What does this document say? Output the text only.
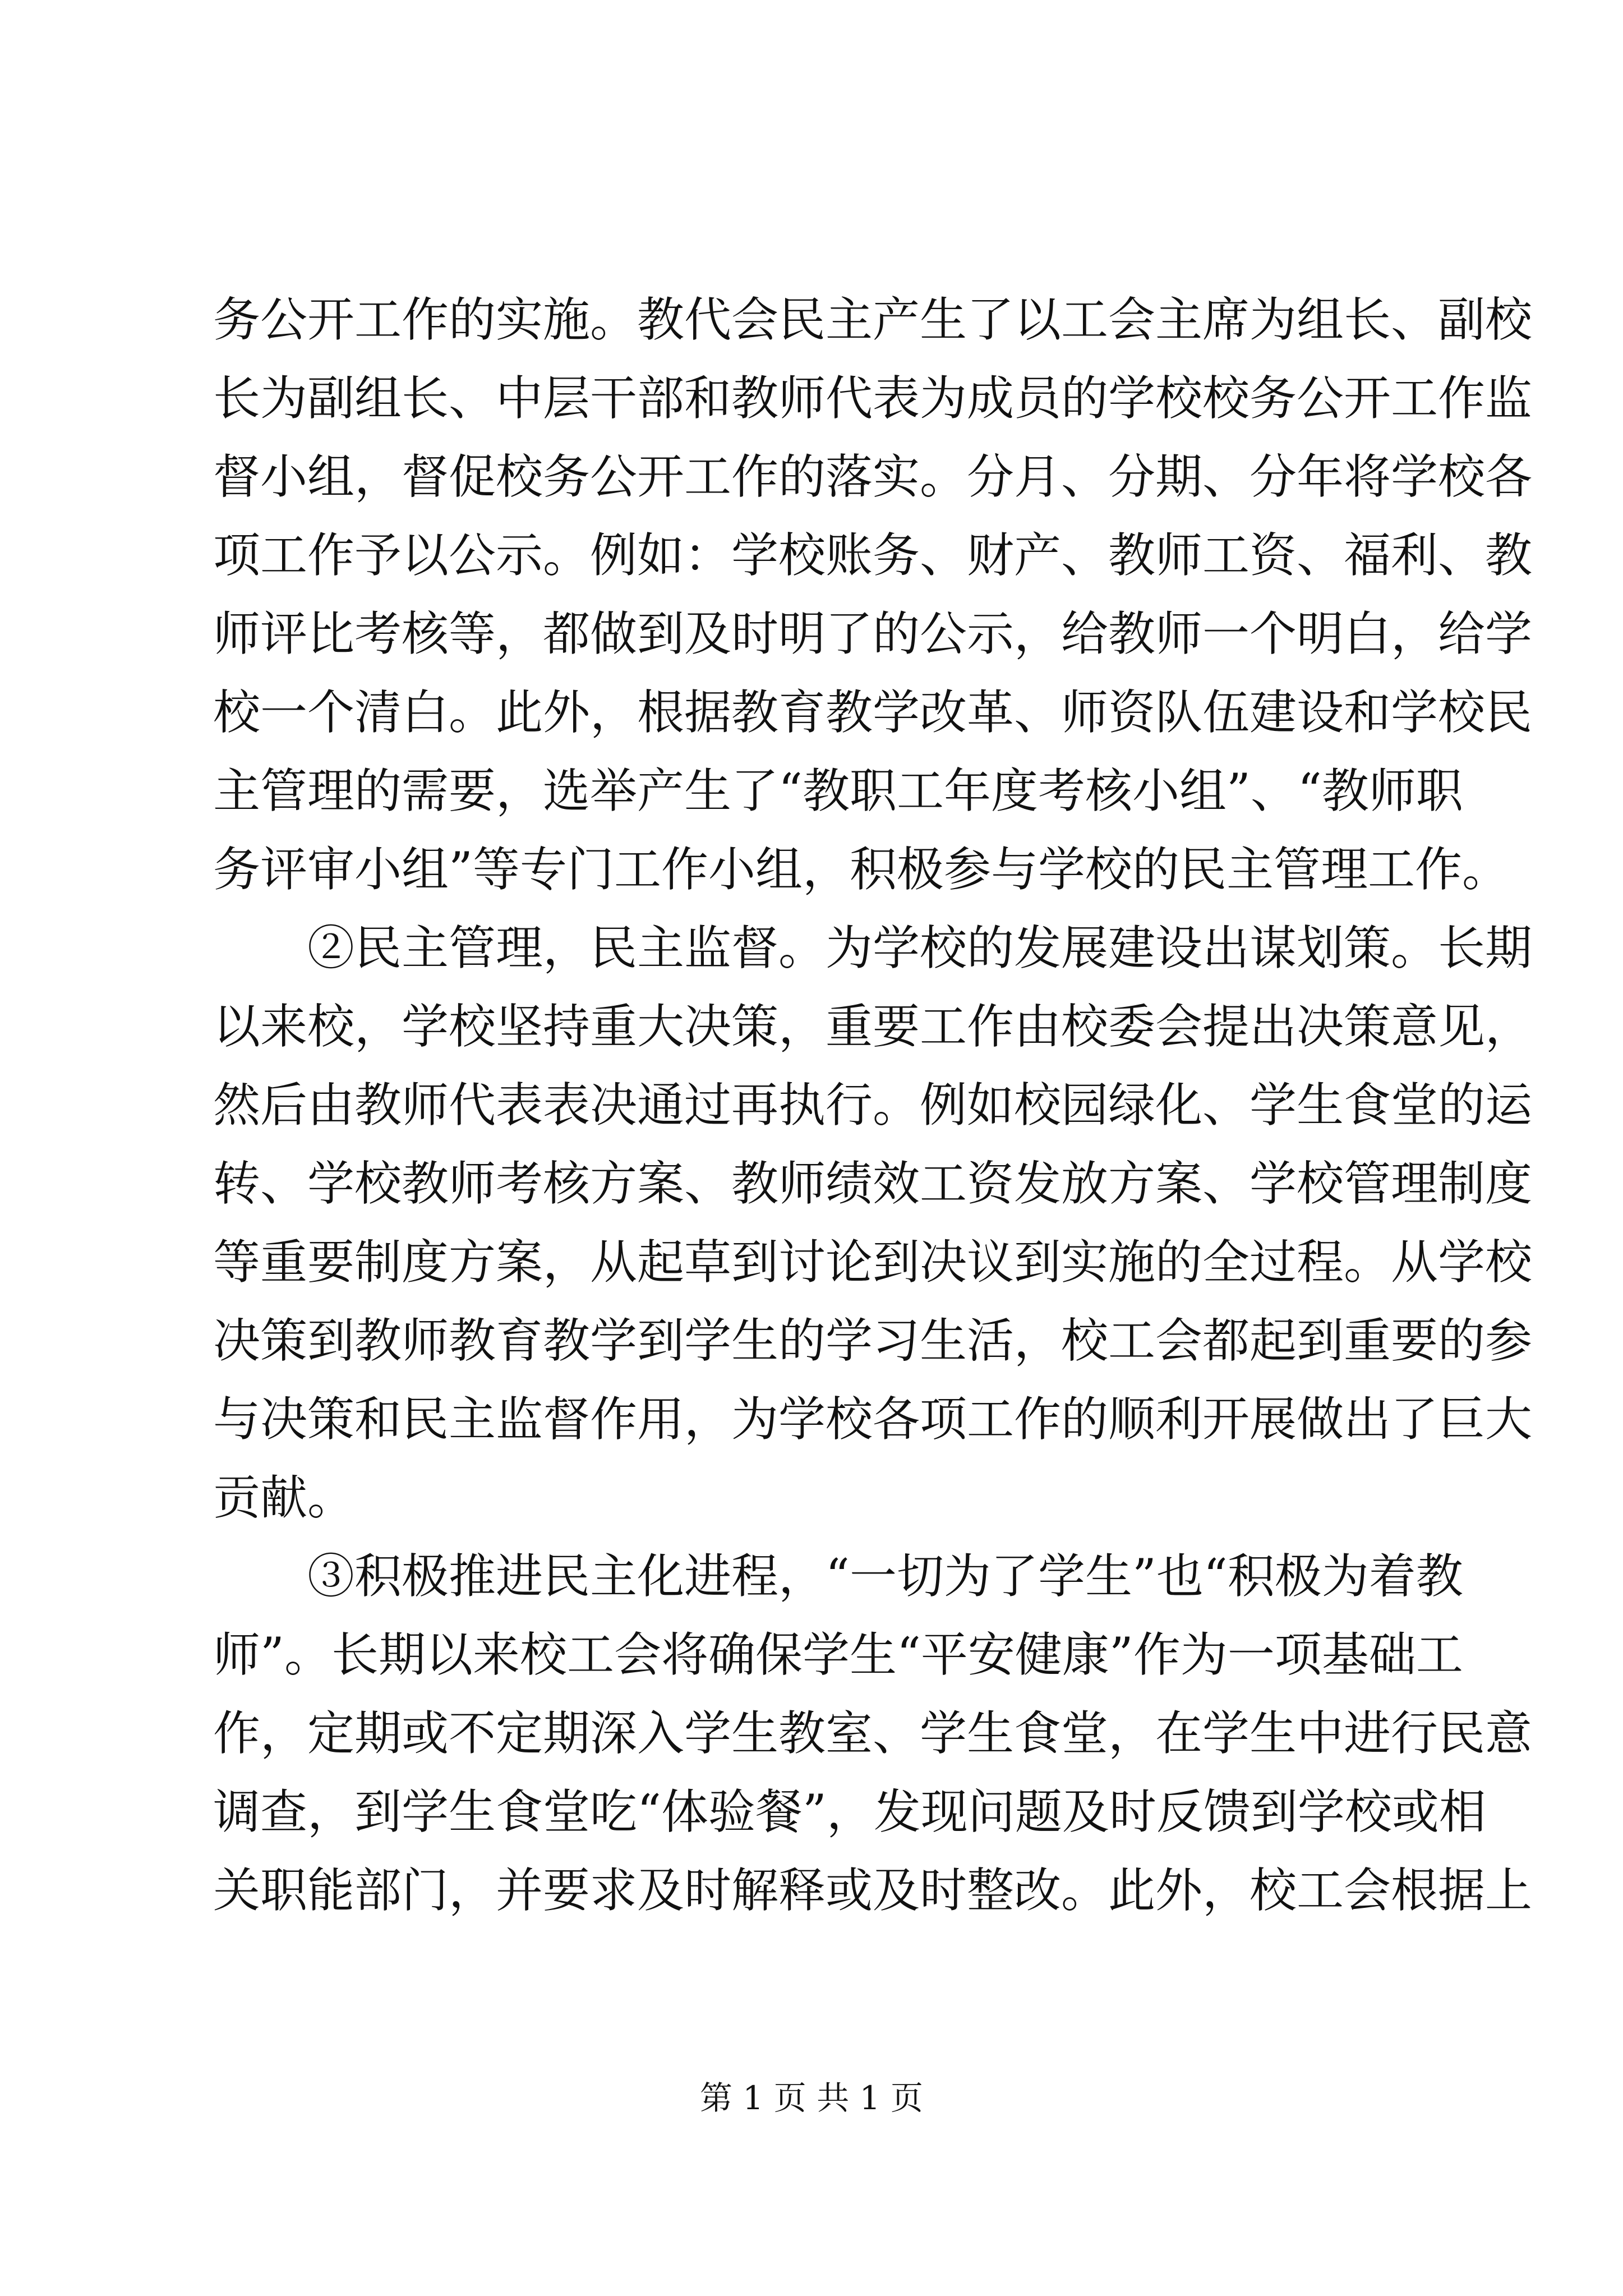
务公开工作的实施。教代会民主产生了以工会主席为组长、副校
长为副组长、中层干部和教师代表为成员的学校校务公开工作监
督小组，督促校务公开工作的落实。分月、分期、分年将学校各
项工作予以公示。例如：学校账务、财产、教师工资、福利、教
师评比考核等，都做到及时明了的公示，给教师一个明白，给学
校一个清白。此外，根据教育教学改革、师资队伍建设和学校民
主管理的需要，选举产生了“教职工年度考核小组”、“教师职
务评审小组”等专门工作小组，积极参与学校的民主管理工作。
　　②民主管理，民主监督。为学校的发展建设出谋划策。长期
以来校，学校坚持重大决策，重要工作由校委会提出决策意见，
然后由教师代表表决通过再执行。例如校园绿化、学生食堂的运
转、学校教师考核方案、教师绩效工资发放方案、学校管理制度
等重要制度方案，从起草到讨论到决议到实施的全过程。从学校
决策到教师教育教学到学生的学习生活，校工会都起到重要的参
与决策和民主监督作用，为学校各项工作的顺利开展做出了巨大
贡献。
　　③积极推进民主化进程，“一切为了学生”也“积极为着教
师”。长期以来校工会将确保学生“平安健康”作为一项基础工
作，定期或不定期深入学生教室、学生食堂，在学生中进行民意
调查，到学生食堂吃“体验餐”，发现问题及时反馈到学校或相
关职能部门，并要求及时解释或及时整改。此外，校工会根据上
第 1 页 共 1 页
